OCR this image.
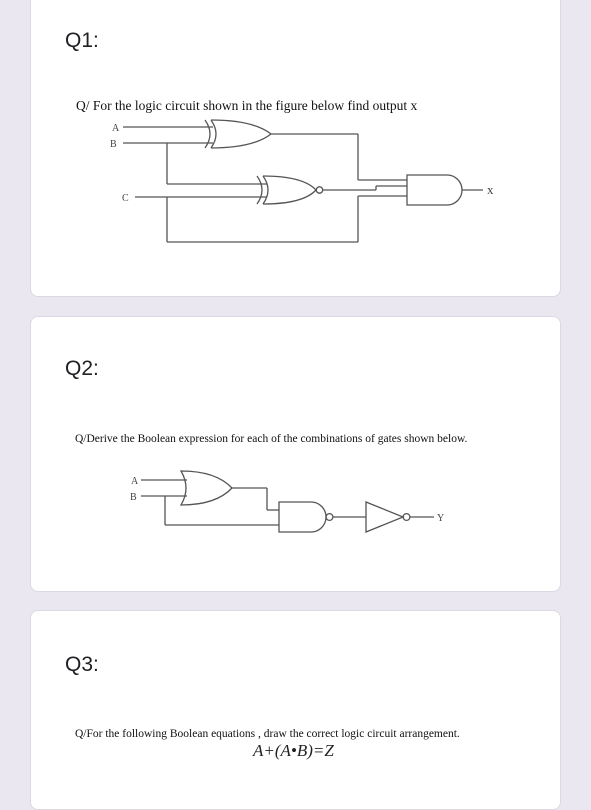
Q1:
Q/ For the logic circuit shown in the figure below find output x
A
B
C
x
Q2:
Q/Derive the Boolean expression for each of the combinations of gates shown below.
A
B
Y
Q3:
Q/For the following Boolean equations , draw the correct logic circuit arrangement.
A+(A•B)=Z
